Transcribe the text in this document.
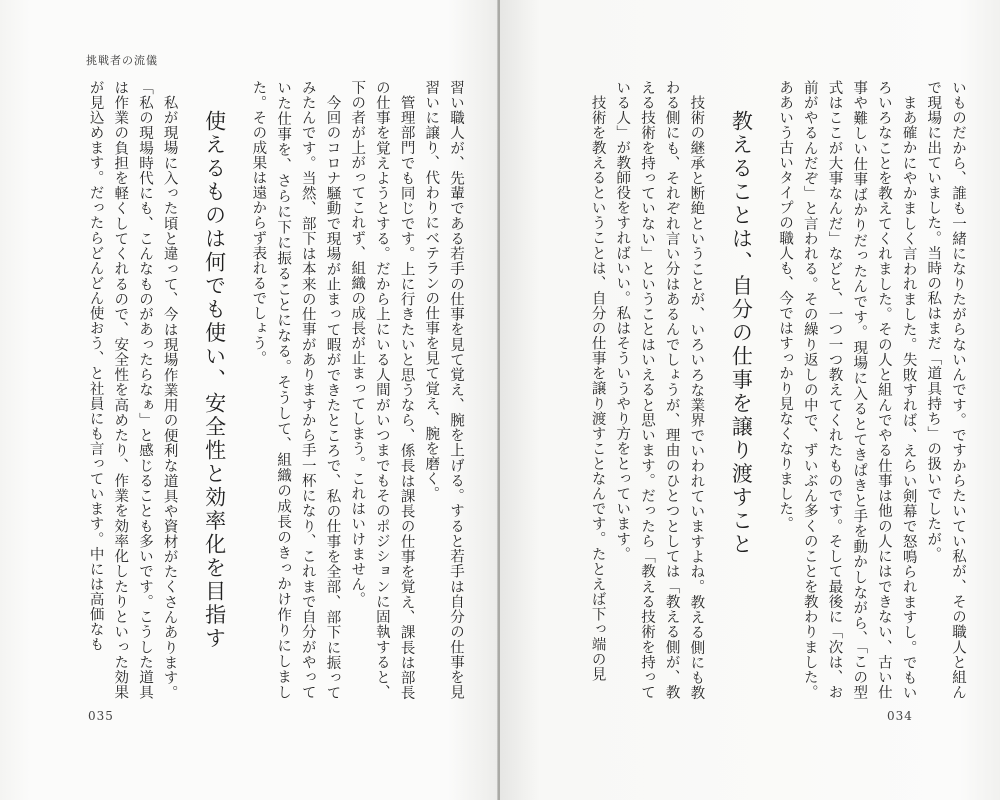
挑戦者の流儀

習い職人が、先輩である若手の仕事を見て覚え、腕を上げる。すると若手は自分の仕事を見習いに譲り、代わりにベテランの仕事を見て覚え、腕を磨く。

管理部門でも同じです。上に行きたいと思うなら、係長は課長の仕事を覚え、課長は部長の仕事を覚えようとする。だから上にいる人間がいつまでもそのポジションに固執すると、下の者が上がってこれず、組織の成長が止まってしまう。これはいけません。

今回のコロナ騒動で現場が止まって暇ができたところで、私の仕事を全部、部下に振ってみたんです。当然、部下は本来の仕事がありますから手一杯になり、これまで自分がやっていた仕事を、さらに下に振ることになる。そうして、組織の成長のきっかけ作りにしました。その成果は遠からず表れるでしょう。

使えるものは何でも使い、安全性と効率化を目指す

私が現場に入った頃と違って、今は現場作業用の便利な道具や資材がたくさんあります。「私の現場時代にも、こんなものがあったらなぁ」と感じることも多いです。こうした道具は作業の負担を軽くしてくれるので、安全性を高めたり、作業を効率化したりといった効果が見込めます。だったらどんどん使おう、と社員にも言っています。中には高価なも

035

いものだから、誰も一緒になりたがらないんです。ですからたいてい私が、その職人と組んで現場に出ていました。当時の私はまだ「道具持ち」の扱いでしたが。

まあ確かにやかましく言われました。失敗すれば、えらい剣幕で怒鳴られますし。でもいろいろなことを教えてくれました。その人と組んでやる仕事は他の人にはできない、古い仕事や難しい仕事ばかりだったんです。現場に入るとてきぱきと手を動かしながら、「この型式はここが大事なんだ」などと、一つ一つ教えてくれたものです。そして最後に「次は、お前がやるんだぞ」と言われる。その繰り返しの中で、ずいぶん多くのことを教わりました。ああいう古いタイプの職人も、今ではすっかり見なくなりました。

教えることは、自分の仕事を譲り渡すこと

技術の継承と断絶ということが、いろいろな業界でいわれていますよね。教える側にも教わる側にも、それぞれ言い分はあるんでしょうが、理由のひとつとしては「教える側が、教える技術を持っていない」ということはいえると思います。だったら「教える技術を持っている人」が教師役をすればいい。私はそういうやり方をとっています。

技術を教えるということは、自分の仕事を譲り渡すことなんです。たとえば下っ端の見

034
